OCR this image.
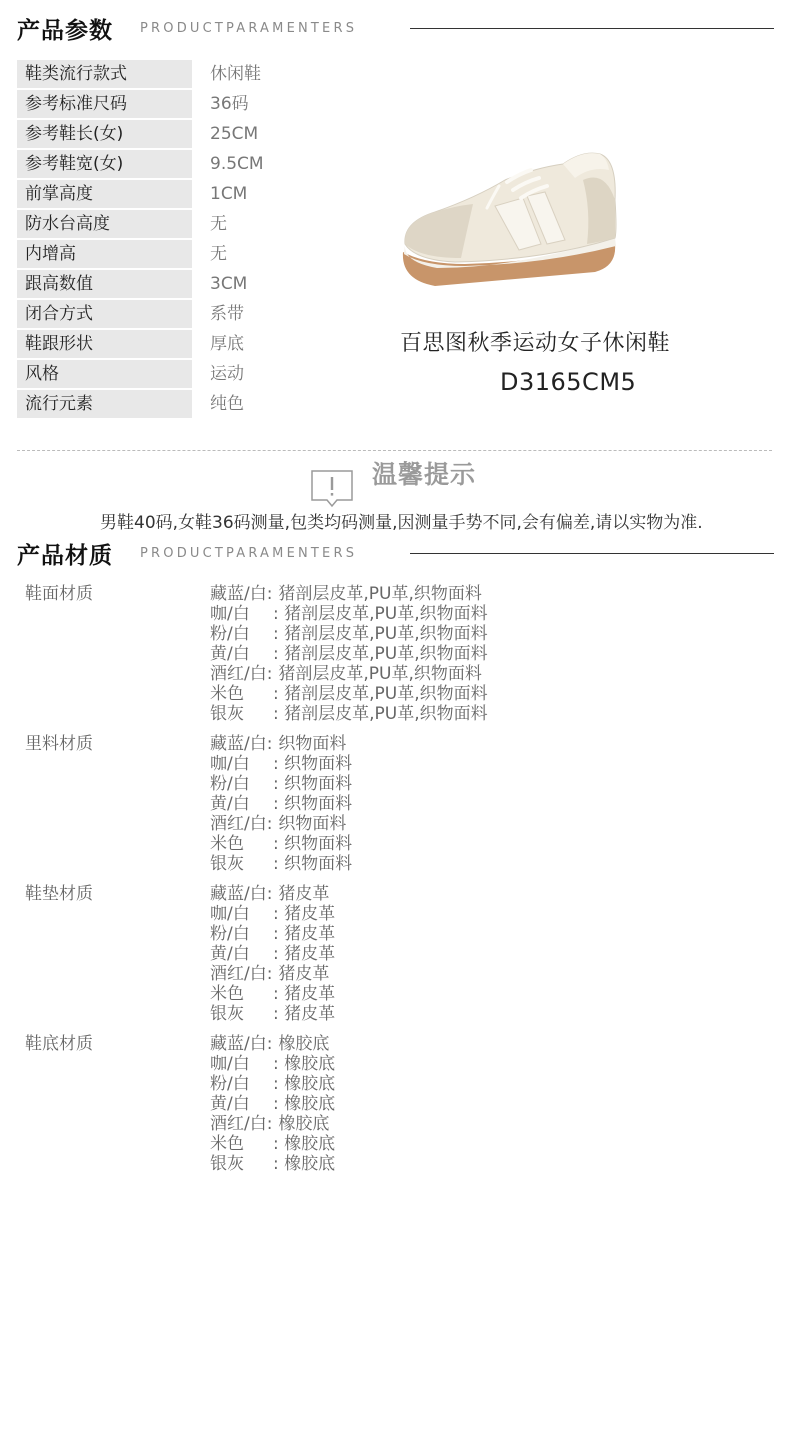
产品参数 PRODUCTPARAMENTERS
鞋类流行款式	休闲鞋
参考标准尺码	36码
参考鞋长(女)	25CM
参考鞋宽(女)	9.5CM
前掌高度	1CM
防水台高度	无
内增高	无
跟高数值	3CM
闭合方式	系带
鞋跟形状	厚底
风格	运动
流行元素	纯色
百思图秋季运动女子休闲鞋
D3165CM5
温馨提示
男鞋40码,女鞋36码测量,包类均码测量,因测量手势不同,会有偏差,请以实物为准.
产品材质 PRODUCTPARAMENTERS
鞋面材质	藏蓝/白: 猪剖层皮革,PU革,织物面料
咖/白 : 猪剖层皮革,PU革,织物面料
粉/白 : 猪剖层皮革,PU革,织物面料
黄/白 : 猪剖层皮革,PU革,织物面料
酒红/白: 猪剖层皮革,PU革,织物面料
米色 : 猪剖层皮革,PU革,织物面料
银灰 : 猪剖层皮革,PU革,织物面料
里料材质	藏蓝/白: 织物面料
咖/白 : 织物面料
粉/白 : 织物面料
黄/白 : 织物面料
酒红/白: 织物面料
米色 : 织物面料
银灰 : 织物面料
鞋垫材质	藏蓝/白: 猪皮革
咖/白 : 猪皮革
粉/白 : 猪皮革
黄/白 : 猪皮革
酒红/白: 猪皮革
米色 : 猪皮革
银灰 : 猪皮革
鞋底材质	藏蓝/白: 橡胶底
咖/白 : 橡胶底
粉/白 : 橡胶底
黄/白 : 橡胶底
酒红/白: 橡胶底
米色 : 橡胶底
银灰 : 橡胶底
